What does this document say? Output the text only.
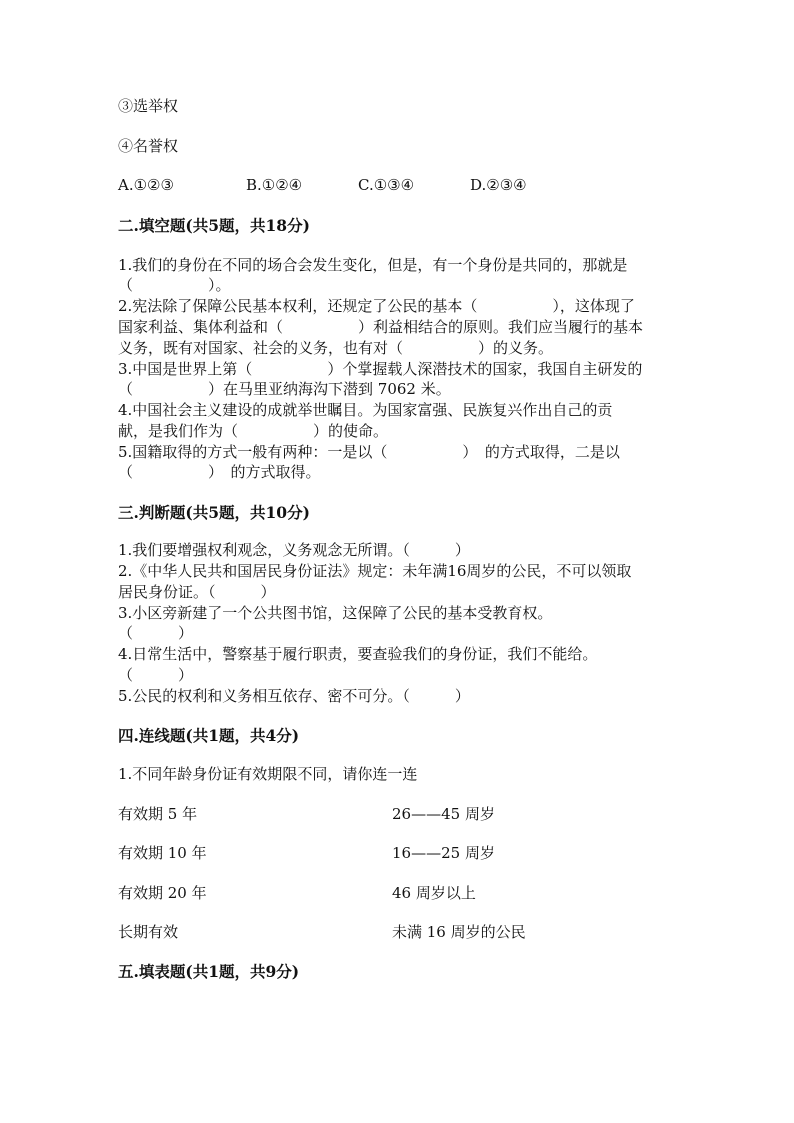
③选举权
④名誉权
A.①②③	B.①②④	C.①③④	D.②③④
二.填空题(共5题，共18分)
1.我们的身份在不同的场合会发生变化，但是，有一个身份是共同的，那就是
（　　　　　）。
2.宪法除了保障公民基本权利，还规定了公民的基本（　　　　　），这体现了
国家利益、集体利益和（　　　　　）利益相结合的原则。我们应当履行的基本
义务，既有对国家、社会的义务，也有对（　　　　　）的义务。
3.中国是世界上第（　　　　　）个掌握载人深潜技术的国家，我国自主研发的
（　　　　　）在马里亚纳海沟下潜到 7062 米。
4.中国社会主义建设的成就举世瞩目。为国家富强、民族复兴作出自己的贡
献，是我们作为（　　　　　）的使命。
5.国籍取得的方式一般有两种：一是以（　　　　　）　的方式取得，二是以
（　　　　　）　的方式取得。
三.判断题(共5题，共10分)
1.我们要增强权利观念，义务观念无所谓。（　　　）
2.《中华人民共和国居民身份证法》规定：未年满16周岁的公民，不可以领取
居民身份证。（　　　）
3.小区旁新建了一个公共图书馆，这保障了公民的基本受教育权。
（　　　）
4.日常生活中，警察基于履行职责，要查验我们的身份证，我们不能给。
（　　　）
5.公民的权利和义务相互依存、密不可分。（　　　）
四.连线题(共1题，共4分)
1.不同年龄身份证有效期限不同，请你连一连
有效期 5 年	26——45 周岁
有效期 10 年	16——25 周岁
有效期 20 年	46 周岁以上
长期有效	未满 16 周岁的公民
五.填表题(共1题，共9分)
